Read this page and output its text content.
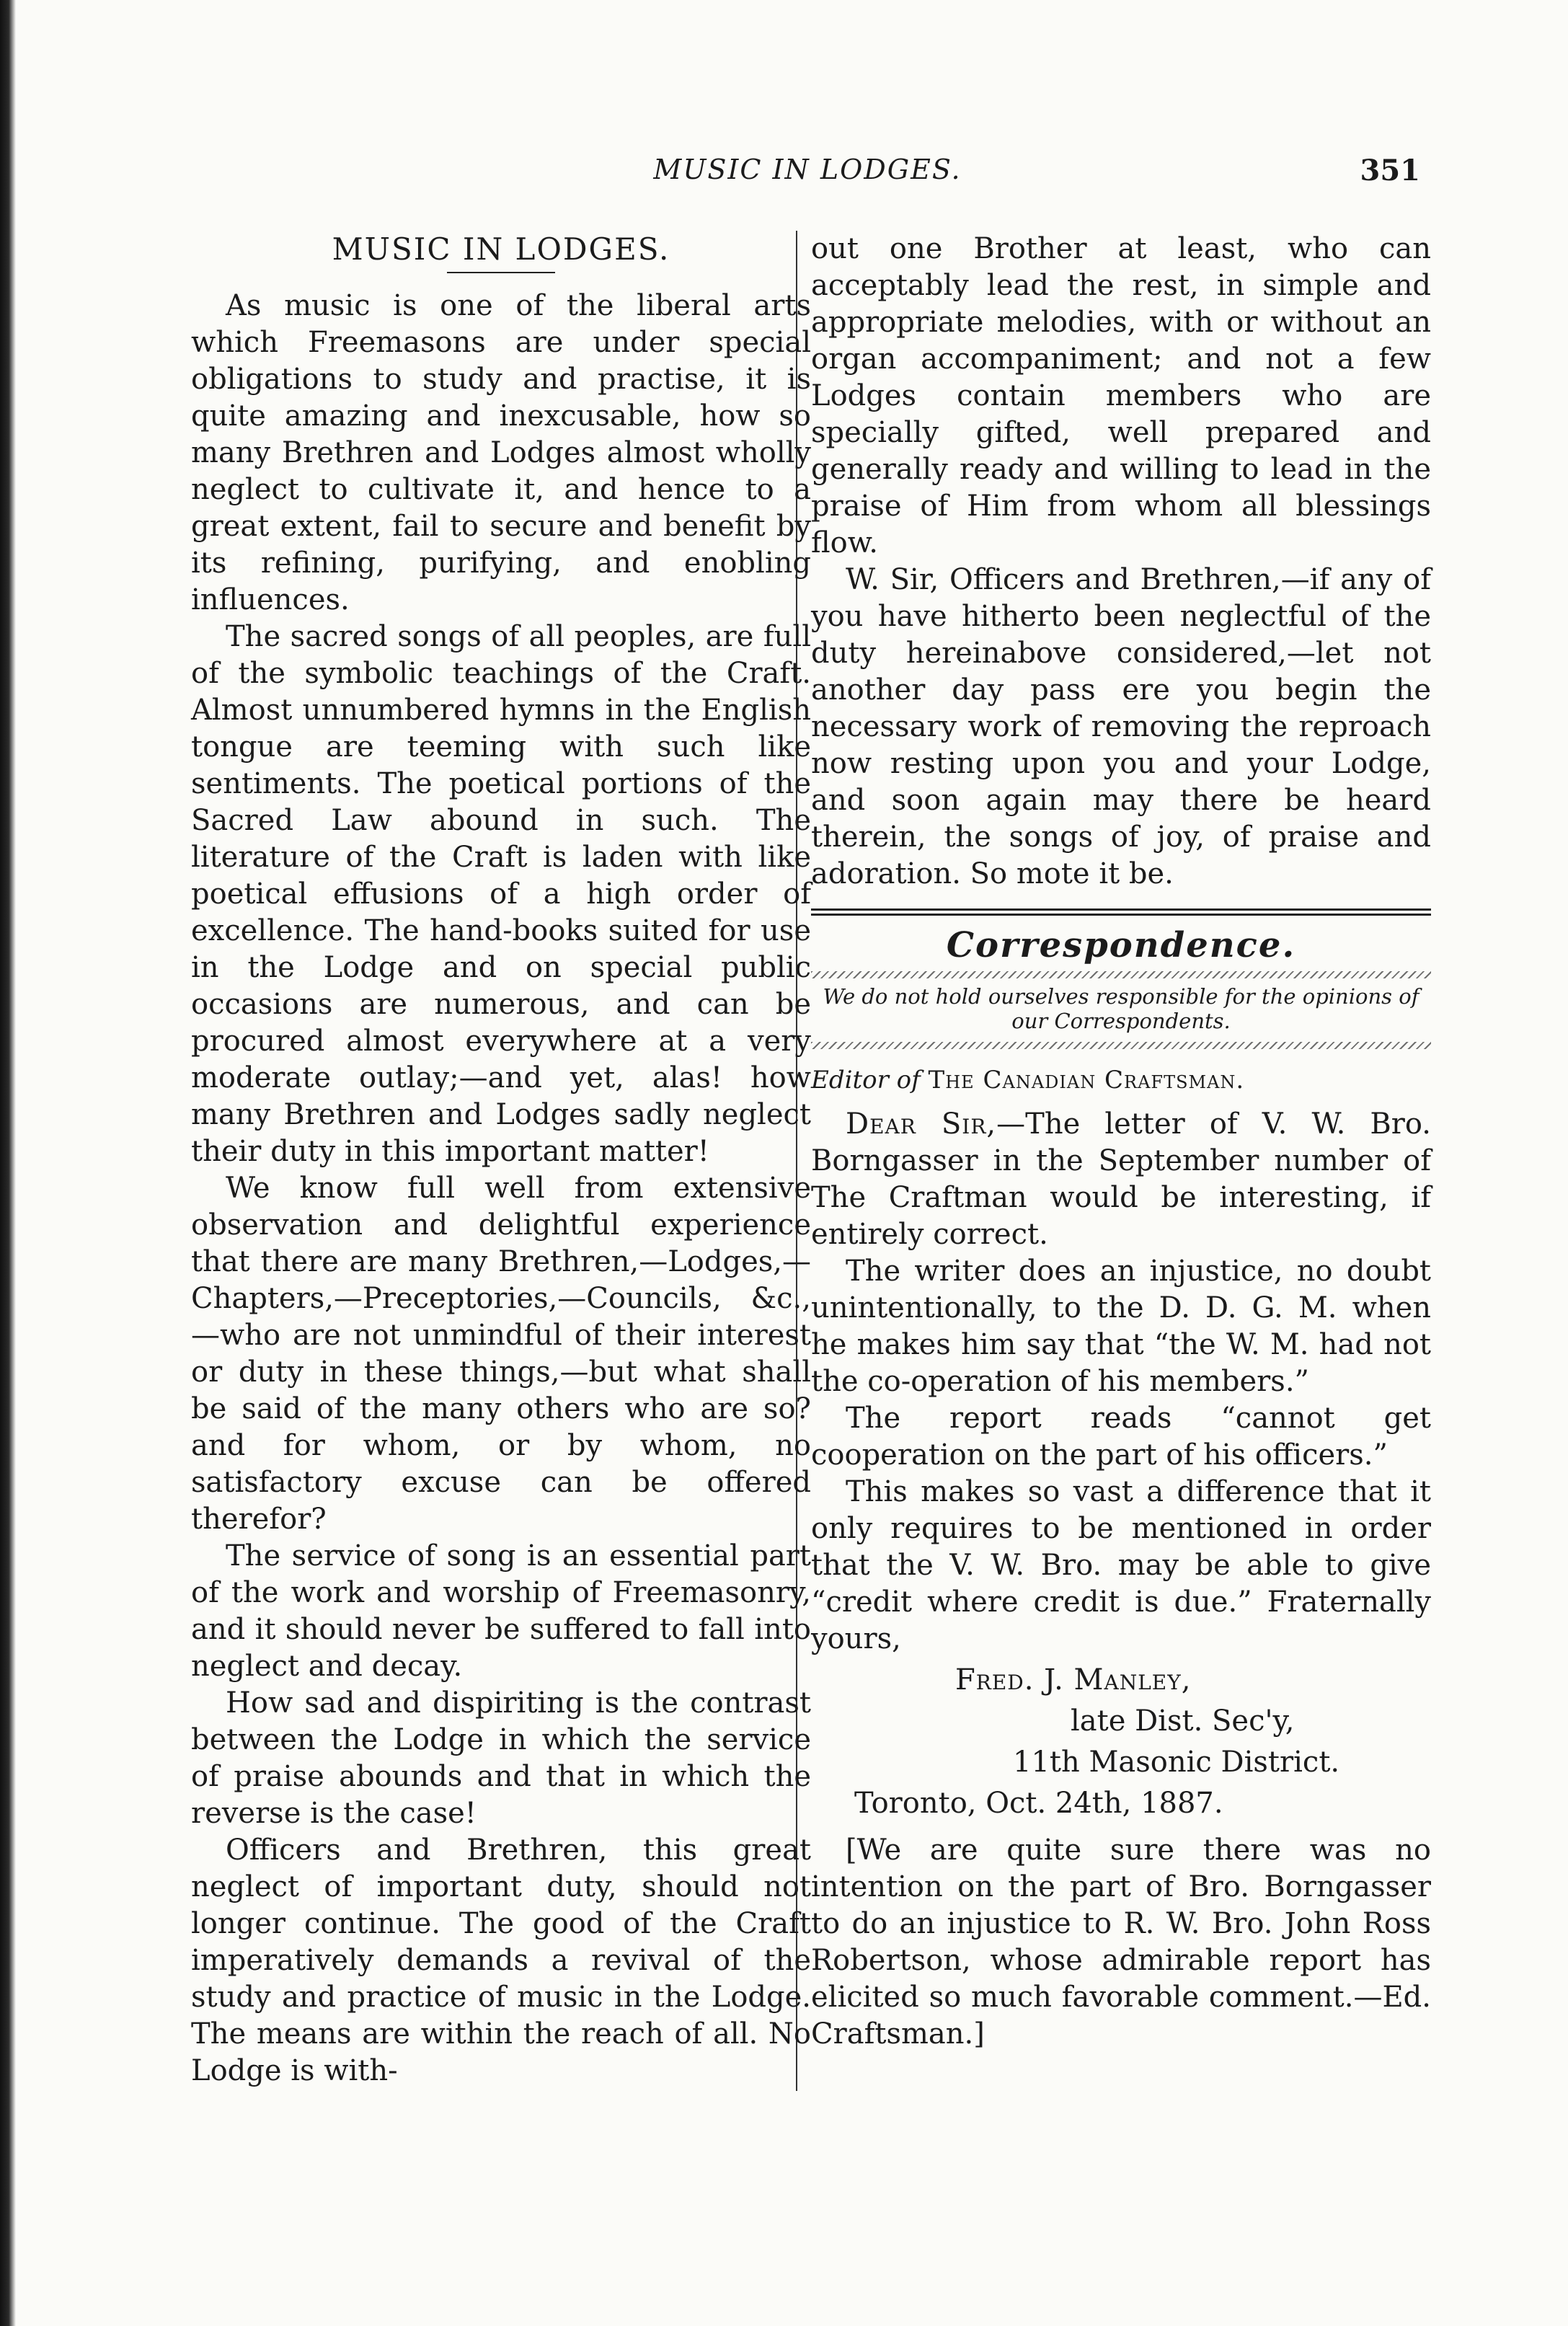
MUSIC IN LODGES.	351
MUSIC IN LODGES.

As music is one of the liberal arts which Freemasons are under special obligations to study and practise, it is quite amazing and inexcusable, how so many Brethren and Lodges almost wholly neglect to cultivate it, and hence to a great extent, fail to secure and benefit by its refining, purifying, and enobling influences.

The sacred songs of all peoples, are full of the symbolic teachings of the Craft. Almost unnumbered hymns in the English tongue are teeming with such like sentiments. The poetical portions of the Sacred Law abound in such. The literature of the Craft is laden with like poetical effusions of a high order of excellence. The hand-books suited for use in the Lodge and on special public occasions are numerous, and can be procured almost everywhere at a very moderate outlay;—and yet, alas! how many Brethren and Lodges sadly neglect their duty in this important matter!

We know full well from extensive observation and delightful experience that there are many Brethren,—Lodges,—Chapters,—Preceptories,—Councils, &c.,—who are not unmindful of their interest or duty in these things,—but what shall be said of the many others who are so? and for whom, or by whom, no satisfactory excuse can be offered therefor?

The service of song is an essential part of the work and worship of Freemasonry, and it should never be suffered to fall into neglect and decay.

How sad and dispiriting is the contrast between the Lodge in which the service of praise abounds and that in which the reverse is the case!

Officers and Brethren, this great neglect of important duty, should not longer continue. The good of the Craft imperatively demands a revival of the study and practice of music in the Lodge. The means are within the reach of all. No Lodge is with-

out one Brother at least, who can acceptably lead the rest, in simple and appropriate melodies, with or without an organ accompaniment; and not a few Lodges contain members who are specially gifted, well prepared and generally ready and willing to lead in the praise of Him from whom all blessings flow.

W. Sir, Officers and Brethren,—if any of you have hitherto been neglectful of the duty hereinabove considered,—let not another day pass ere you begin the necessary work of removing the reproach now resting upon you and your Lodge, and soon again may there be heard therein, the songs of joy, of praise and adoration. So mote it be.

Correspondence.
We do not hold ourselves responsible for the opinions of our Correspondents.
Editor of The Canadian Craftsman.

Dear Sir,—The letter of V. W. Bro. Borngasser in the September number of The Craftman would be interesting, if entirely correct.

The writer does an injustice, no doubt unintentionally, to the D. D. G. M. when he makes him say that “the W. M. had not the co-operation of his members.”

The report reads “cannot get cooperation on the part of his officers.”

This makes so vast a difference that it only requires to be mentioned in order that the V. W. Bro. may be able to give “credit where credit is due.” Fraternally yours,

Fred. J. Manley,
late Dist. Sec'y,
11th Masonic District.
Toronto, Oct. 24th, 1887.

[We are quite sure there was no intention on the part of Bro. Borngasser to do an injustice to R. W. Bro. John Ross Robertson, whose admirable report has elicited so much favorable comment.—Ed. Craftsman.]
